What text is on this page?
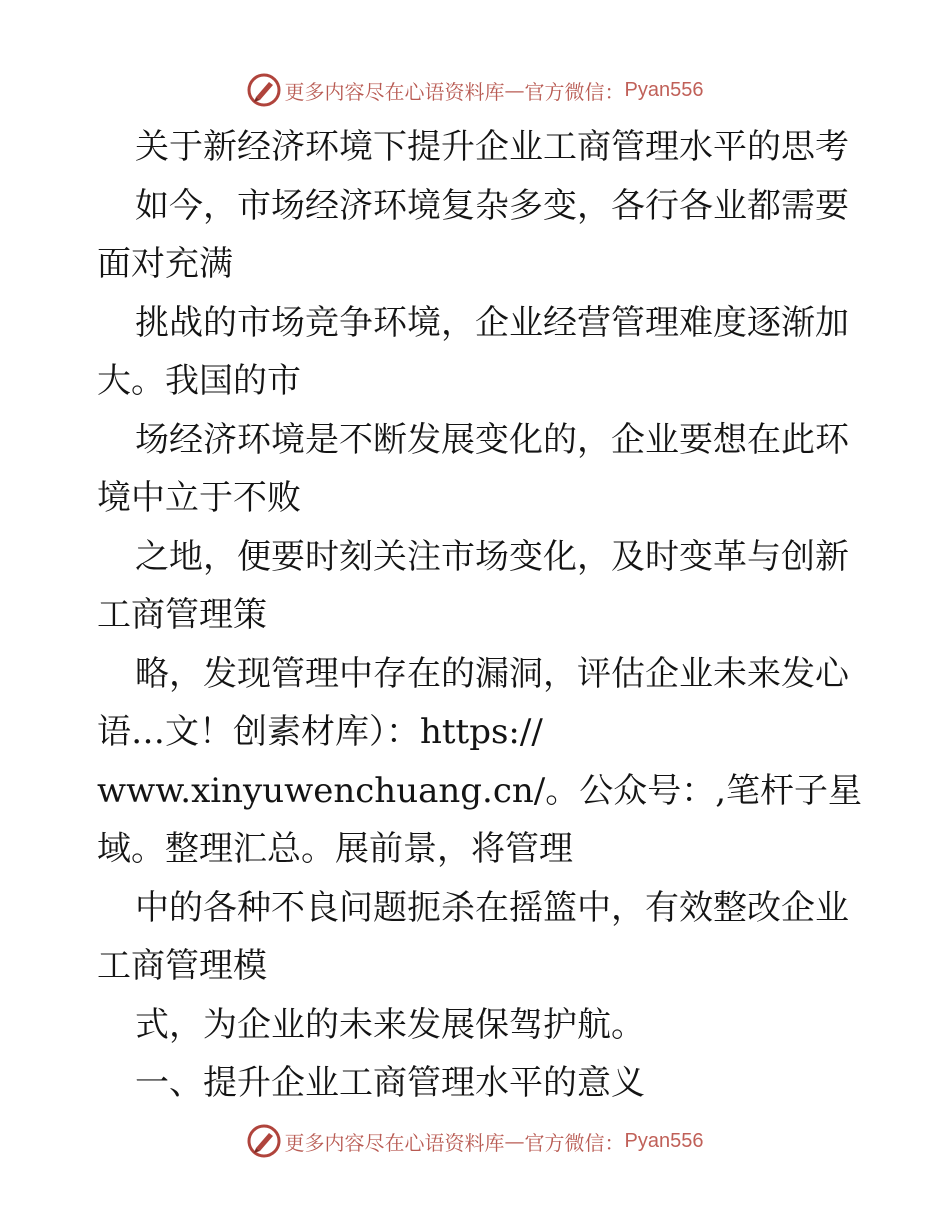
更多内容尽在心语资料库 — 官方微信： Pyan556
关于新经济环境下提升企业工商管理水平的思考
如今，市场经济环境复杂多变，各行各业都需要
面对充满
挑战的市场竞争环境，企业经营管理难度逐渐加
大。我国的市
场经济环境是不断发展变化的，企业要想在此环
境中立于不败
之地，便要时刻关注市场变化，及时变革与创新
工商管理策
略，发现管理中存在的漏洞，评估企业未来发心
语…文！创素材库）：https://
www.xinyuwenchuang.cn/。公众号：,笔杆子星
域。整理汇总。展前景，将管理
中的各种不良问题扼杀在摇篮中，有效整改企业
工商管理模
式，为企业的未来发展保驾护航。
一、提升企业工商管理水平的意义
更多内容尽在心语资料库 — 官方微信： Pyan556
